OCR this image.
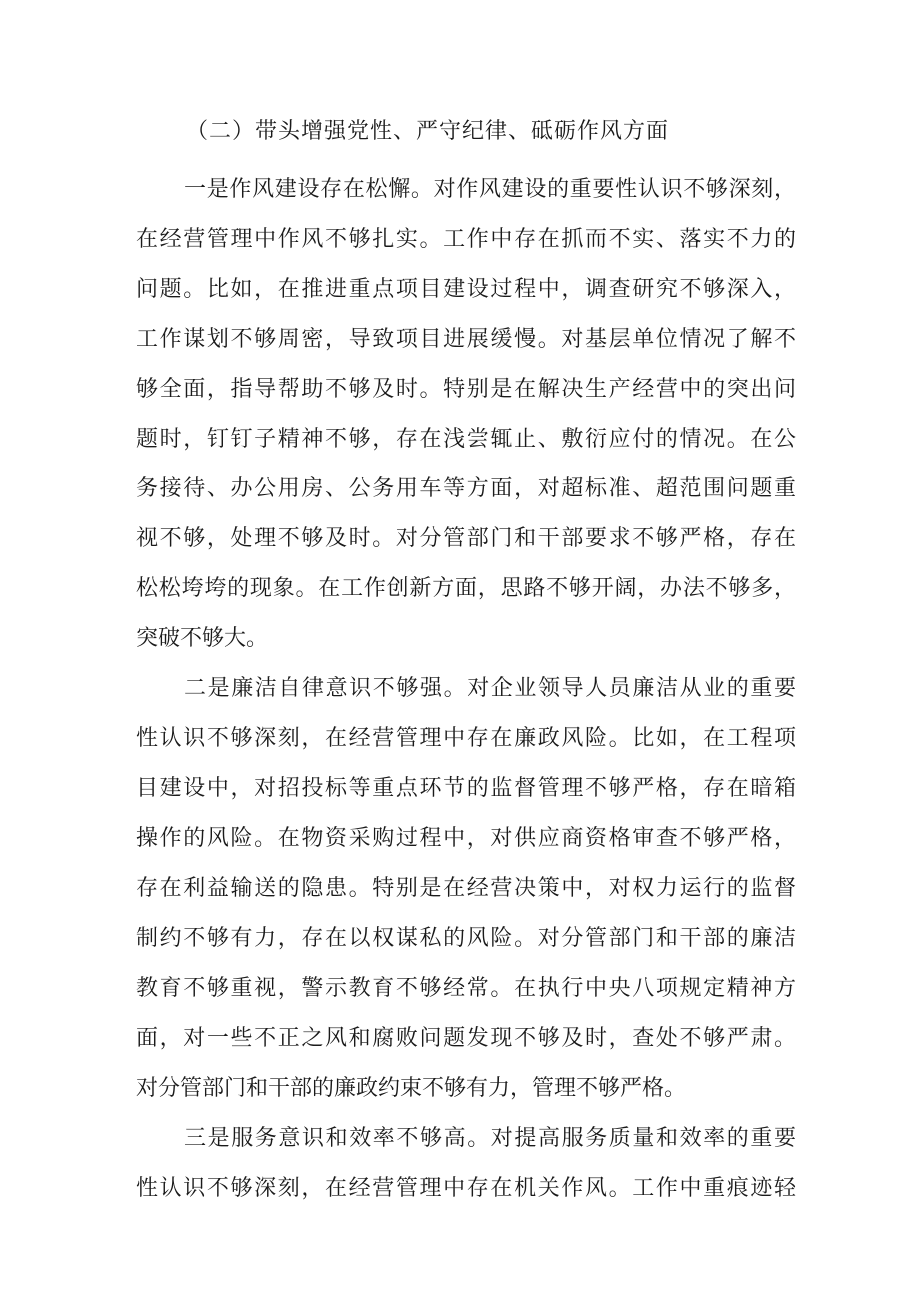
（二）带头增强党性、严守纪律、砥砺作风方面

一是作风建设存在松懈。对作风建设的重要性认识不够深刻，

在经营管理中作风不够扎实。工作中存在抓而不实、落实不力的

问题。比如，在推进重点项目建设过程中，调查研究不够深入，

工作谋划不够周密，导致项目进展缓慢。对基层单位情况了解不

够全面，指导帮助不够及时。特别是在解决生产经营中的突出问

题时，钉钉子精神不够，存在浅尝辄止、敷衍应付的情况。在公

务接待、办公用房、公务用车等方面，对超标准、超范围问题重

视不够，处理不够及时。对分管部门和干部要求不够严格，存在

松松垮垮的现象。在工作创新方面，思路不够开阔，办法不够多，

突破不够大。

二是廉洁自律意识不够强。对企业领导人员廉洁从业的重要

性认识不够深刻，在经营管理中存在廉政风险。比如，在工程项

目建设中，对招投标等重点环节的监督管理不够严格，存在暗箱

操作的风险。在物资采购过程中，对供应商资格审查不够严格，

存在利益输送的隐患。特别是在经营决策中，对权力运行的监督

制约不够有力，存在以权谋私的风险。对分管部门和干部的廉洁

教育不够重视，警示教育不够经常。在执行中央八项规定精神方

面，对一些不正之风和腐败问题发现不够及时，查处不够严肃。

对分管部门和干部的廉政约束不够有力，管理不够严格。

三是服务意识和效率不够高。对提高服务质量和效率的重要

性认识不够深刻，在经营管理中存在机关作风。工作中重痕迹轻
